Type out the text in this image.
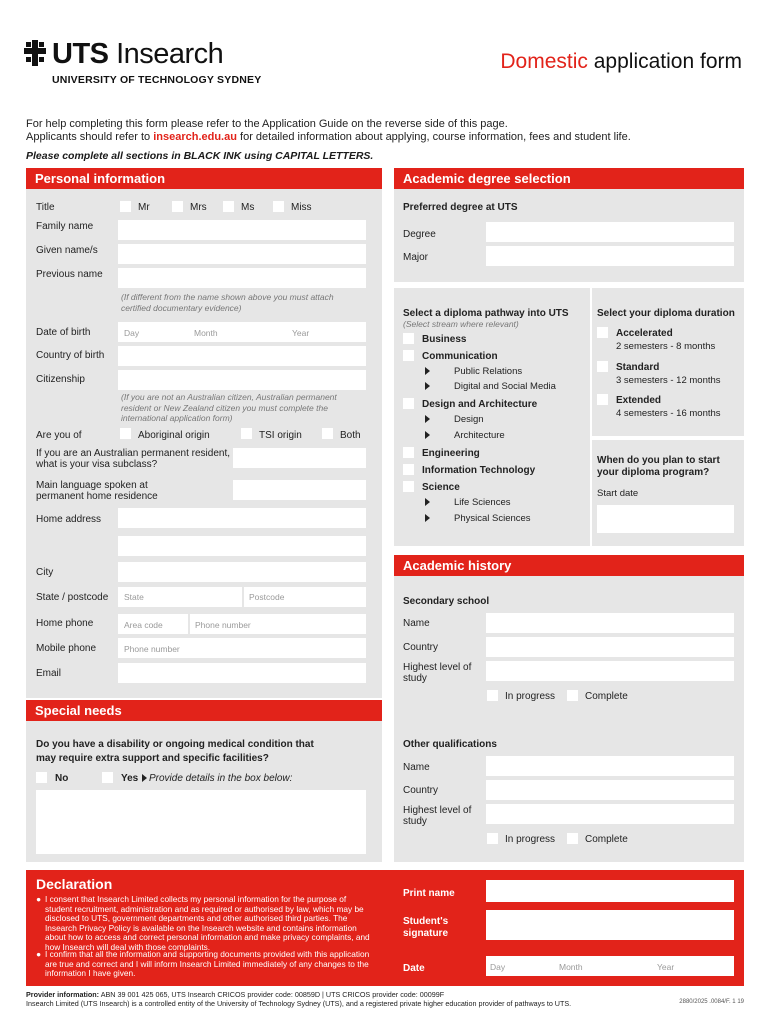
UTS Insearch
UNIVERSITY OF TECHNOLOGY SYDNEY
Domestic application form
For help completing this form please refer to the Application Guide on the reverse side of this page.
Applicants should refer to insearch.edu.au for detailed information about applying, course information, fees and student life.
Please complete all sections in BLACK INK using CAPITAL LETTERS.
Personal information
Title	Mr	Mrs	Ms	Miss
Family name
Given name/s
Previous name
(If different from the name shown above you must attach certified documentary evidence)
Date of birth	Day	Month	Year
Country of birth
Citizenship
(If you are not an Australian citizen, Australian permanent resident or New Zealand citizen you must complete the international application form)
Are you of	Aboriginal origin	TSI origin	Both
If you are an Australian permanent resident, what is your visa subclass?
Main language spoken at permanent home residence
Home address
City
State / postcode State	Postcode
Home phone	Area code	Phone number
Mobile phone	Phone number
Email
Special needs
Do you have a disability or ongoing medical condition that may require extra support and specific facilities?
No	Yes Provide details in the box below:
Academic degree selection
Preferred degree at UTS
Degree
Major
Select a diploma pathway into UTS
(Select stream where relevant)
Business
Communication
Public Relations
Digital and Social Media
Design and Architecture
Design
Architecture
Engineering
Information Technology
Science
Life Sciences
Physical Sciences
Select your diploma duration
Accelerated
2 semesters - 8 months
Standard
3 semesters - 12 months
Extended
4 semesters - 16 months
When do you plan to start your diploma program?
Start date
Academic history
Secondary school
Name
Country
Highest level of study
In progress	Complete
Other qualifications
Name
Country
Highest level of study
In progress	Complete
Declaration
● I consent that Insearch Limited collects my personal information for the purpose of student recruitment, administration and as required or authorised by law, which may be disclosed to UTS, government departments and other authorised third parties. The Insearch Privacy Policy is available on the Insearch website and contains information about how to access and correct personal information and make privacy complaints, and how Insearch will deal with those complaints.
● I confirm that all the information and supporting documents provided with this application are true and correct and I will inform Insearch Limited immediately of any changes to the information I have given.
Print name
Student's signature
Date	Day	Month	Year
Provider information: ABN 39 001 425 065, UTS Insearch CRICOS provider code: 00859D | UTS CRICOS provider code: 00099F
Insearch Limited (UTS Insearch) is a controlled entity of the University of Technology Sydney (UTS), and a registered private higher education provider of pathways to UTS.	2880/2025 .0084/F. 1 19
